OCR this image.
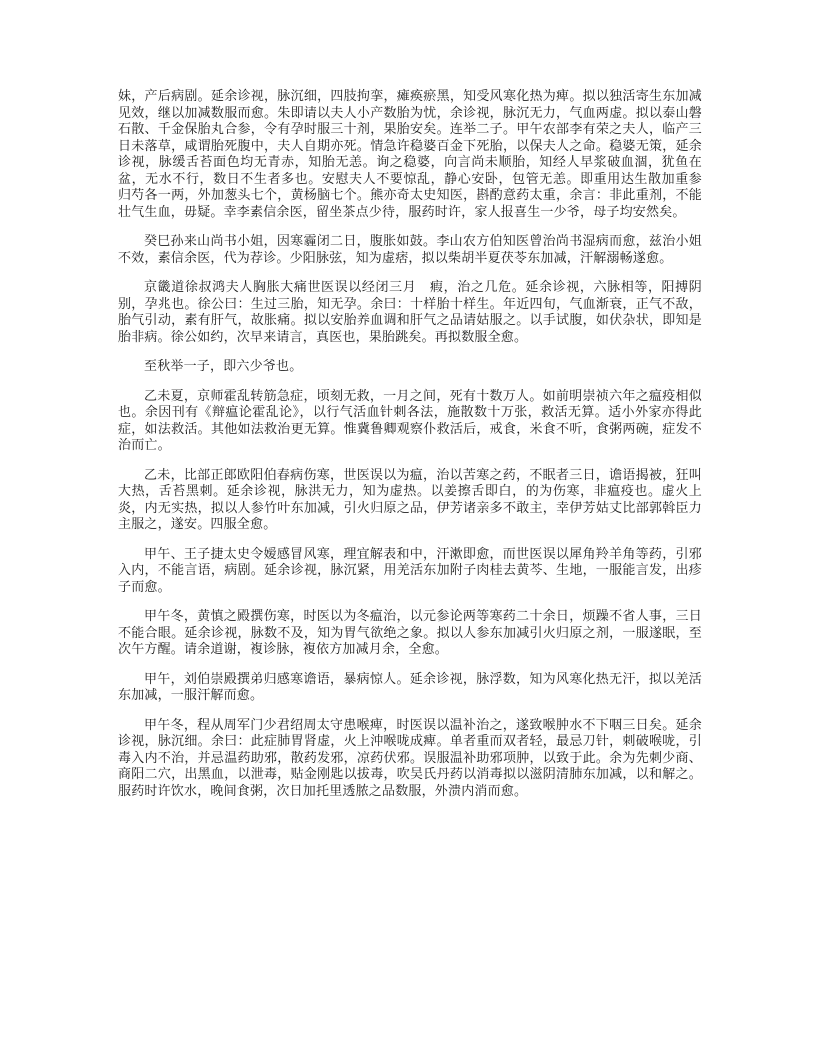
妹，产后病剧。延余诊视，脉沉细，四肢拘挛，瘫痪瘀黑，知受风寒化热为痺。拟以独活寄生东加减见效，继以加减数服而愈。朱即请以夫人小产数胎为忧，余诊视，脉沉无力，气血两虚。拟以泰山磐石散、千金保胎丸合参，令有孕时服三十剂，果胎安矣。连举二子。甲午农部李有荣之夫人，临产三日未落草，咸谓胎死腹中，夫人自期亦死。情急许稳婆百金下死胎，以保夫人之命。稳婆无策，延余诊视，脉缓舌苔面色均无青赤，知胎无恙。询之稳婆，向言尚未顺胎，知经人早浆破血涸，犹鱼在盆，无水不行，数日不生者多也。安慰夫人不要惊乱，静心安卧，包管无恙。即重用达生散加重参　归芍各一两，外加葱头七个，黄杨脑七个。熊亦奇太史知医，斟酌意药太重，余言：非此重剂，不能壮气生血，毋疑。幸李素信余医，留坐茶点少待，服药时许，家人报喜生一少爷，母子均安然矣。

癸巳孙来山尚书小姐，因寒霾闭二日，腹胀如鼓。李山农方伯知医曾治尚书湿病而愈，兹治小姐不效，素信余医，代为荐诊。少阳脉弦，知为虚痞，拟以柴胡半夏茯苓东加减，汗解溺畅遂愈。

京畿道徐叔鸿夫人胸胀大痛世医误以经闭三月　瘕，治之几危。延余诊视，六脉相等，阳搏阴别，孕兆也。徐公曰：生过三胎，知无孕。余曰：十样胎十样生。年近四旬，气血渐衰，正气不敌，胎气引动，素有肝气，故胀痛。拟以安胎养血调和肝气之品请姑服之。以手试腹，如伏杂状，即知是胎非病。徐公如约，次早来请言，真医也，果胎跳矣。再拟数服全愈。

至秋举一子，即六少爷也。

乙未夏，京师霍乱转筋急症，顷刻无救，一月之间，死有十数万人。如前明崇祯六年之瘟疫相似也。余因刊有《辩瘟论霍乱论》，以行气活血针刺各法，施散数十万张，救活无算。适小外家亦得此症，如法救活。其他如法救治更无算。惟冀鲁卿观察仆救活后，戒食，米食不听，食粥两碗，症发不治而亡。

乙未，比部正郎欧阳伯春病伤寒，世医误以为瘟，治以苦寒之药，不眠者三日，谵语揭被，狂叫大热，舌苔黑刺。延余诊视，脉洪无力，知为虚热。以姜擦舌即白，的为伤寒，非瘟疫也。虚火上炎，内无实热，拟以人参竹叶东加减，引火归原之品，伊芳诸亲多不敢主，幸伊芳姑丈比部郭斡臣力主服之，遂安。四服全愈。

甲午、王子捷太史令嫒感冒风寒，理宜解表和中，汗漱即愈，而世医误以犀角羚羊角等药，引邪入内，不能言语，病剧。延余诊视，脉沉紧，用羌活东加附子肉桂去黄芩、生地，一服能言发，出疹子而愈。

甲午冬，黄慎之殿撰伤寒，时医以为冬瘟治，以元参论两等寒药二十余日，烦躁不省人事，三日不能合眼。延余诊视，脉数不及，知为胃气欲绝之象。拟以人参东加减引火归原之剂，一服遂眠，至次午方醒。请余道谢，複诊脉，複依方加减月余，全愈。

甲午，刘伯崇殿撰弟归感寒谵语，暴病惊人。延余诊视，脉浮数，知为风寒化热无汗，拟以羌活东加减，一服汗解而愈。

甲午冬，程从周军门少君绍周太守患喉痺，时医误以温补治之，遂致喉肿水不下咽三日矣。延余诊视，脉沉细。余曰：此症肺胃肾虚，火上沖喉咙成痺。单者重而双者轻，最忌刀针，刺破喉咙，引毒入内不治，并忌温药助邪，散药发邪，凉药伏邪。误服温补助邪项肿，以致于此。余为先刺少商、商阳二穴，出黑血，以泄毒，贴金刚匙以拔毒，吹吴氏丹药以消毒拟以滋阴清肺东加减，以和解之。服药时许饮水，晚间食粥，次日加托里透脓之品数服，外溃内消而愈。
